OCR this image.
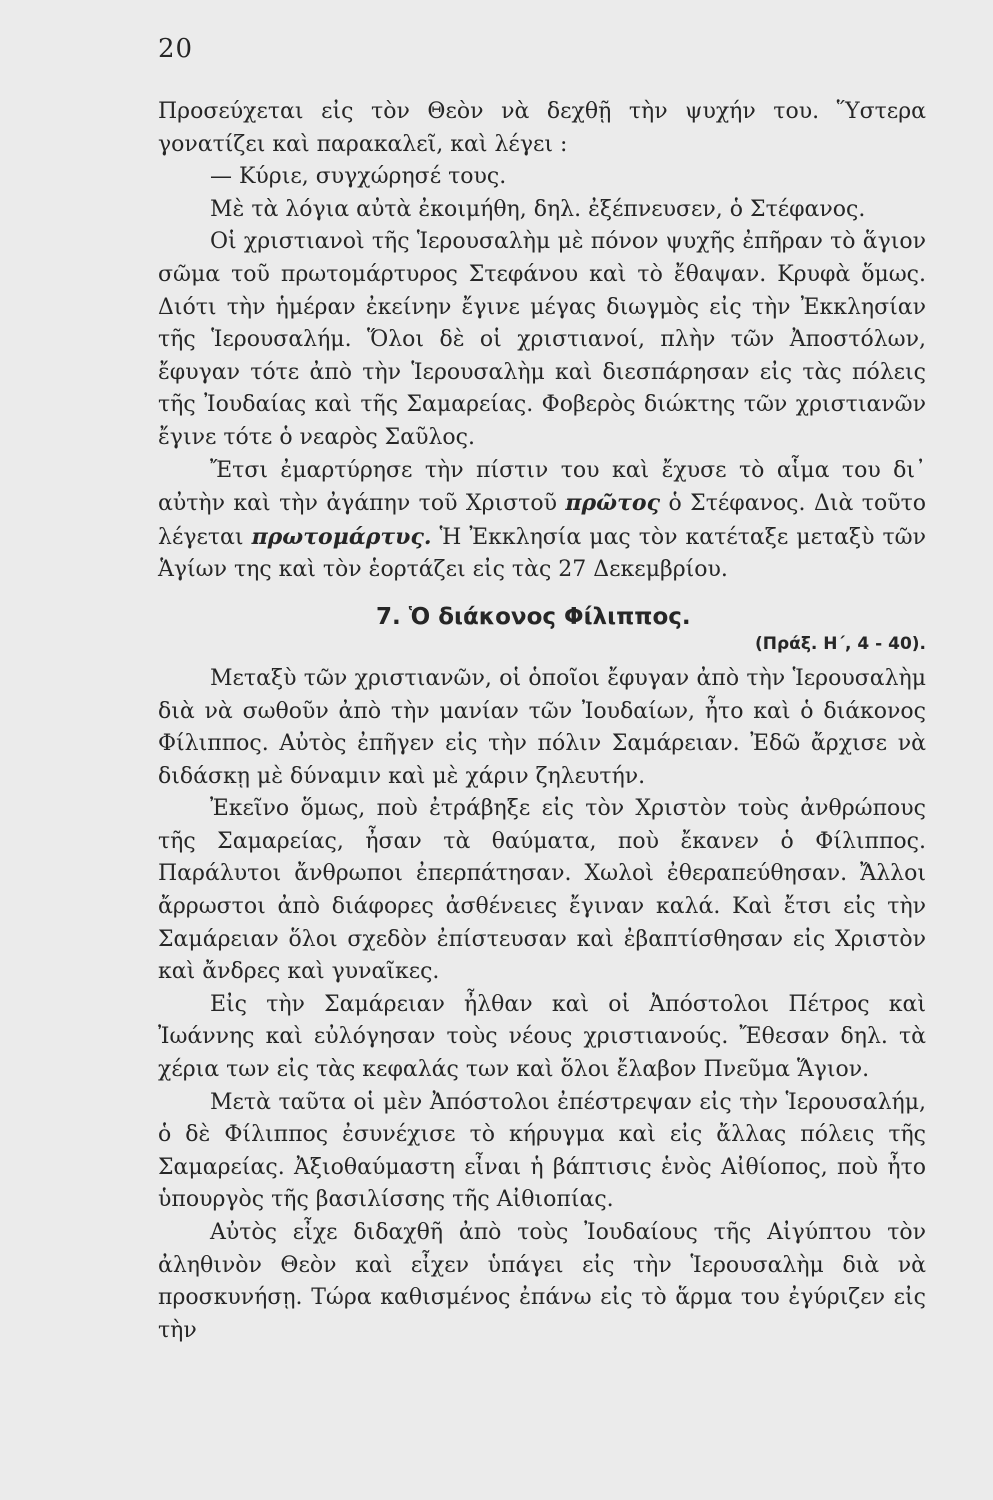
20

Προσεύχεται εἰς τὸν Θεὸν νὰ δεχθῇ τὴν ψυχήν του. Ὕστερα γονατίζει καὶ παρακαλεῖ, καὶ λέγει :

— Κύριε, συγχώρησέ τους.

Μὲ τὰ λόγια αὐτὰ ἐκοιμήθη, δηλ. ἐξέπνευσεν, ὁ Στέφανος.

Οἱ χριστιανοὶ τῆς Ἱερουσαλὴμ μὲ πόνον ψυχῆς ἐπῆραν τὸ ἅγιον σῶμα τοῦ πρωτομάρτυρος Στεφάνου καὶ τὸ ἔθαψαν. Κρυφὰ ὅμως. Διότι τὴν ἡμέραν ἐκείνην ἔγινε μέγας διωγμὸς εἰς τὴν Ἐκκλησίαν τῆς Ἱερουσαλήμ. Ὅλοι δὲ οἱ χριστιανοί, πλὴν τῶν Ἀποστόλων, ἔφυγαν τότε ἀπὸ τὴν Ἱερουσαλὴμ καὶ διεσπάρησαν εἰς τὰς πόλεις τῆς Ἰουδαίας καὶ τῆς Σαμαρείας. Φοβερὸς διώκτης τῶν χριστιανῶν ἔγινε τότε ὁ νεαρὸς Σαῦλος.

Ἔτσι ἐμαρτύρησε τὴν πίστιν του καὶ ἔχυσε τὸ αἷμα του δι᾿ αὐτὴν καὶ τὴν ἀγάπην τοῦ Χριστοῦ πρῶτος ὁ Στέφανος. Διὰ τοῦτο λέγεται πρωτομάρτυς. Ἡ Ἐκκλησία μας τὸν κατέταξε μεταξὺ τῶν Ἁγίων της καὶ τὸν ἑορτάζει εἰς τὰς 27 Δεκεμβρίου.

7. Ὁ διάκονος Φίλιππος.
(Πράξ. Η΄, 4 - 40).

Μεταξὺ τῶν χριστιανῶν, οἱ ὁποῖοι ἔφυγαν ἀπὸ τὴν Ἱερουσαλὴμ διὰ νὰ σωθοῦν ἀπὸ τὴν μανίαν τῶν Ἰουδαίων, ἦτο καὶ ὁ διάκονος Φίλιππος. Αὐτὸς ἐπῆγεν εἰς τὴν πόλιν Σαμάρειαν. Ἐδῶ ἄρχισε νὰ διδάσκῃ μὲ δύναμιν καὶ μὲ χάριν ζηλευτήν.

Ἐκεῖνο ὅμως, ποὺ ἐτράβηξε εἰς τὸν Χριστὸν τοὺς ἀνθρώπους τῆς Σαμαρείας, ἦσαν τὰ θαύματα, ποὺ ἔκανεν ὁ Φίλιππος. Παράλυτοι ἄνθρωποι ἐπερπάτησαν. Χωλοὶ ἐθεραπεύθησαν. Ἄλλοι ἄρρωστοι ἀπὸ διάφορες ἀσθένειες ἔγιναν καλά. Καὶ ἔτσι εἰς τὴν Σαμάρειαν ὅλοι σχεδὸν ἐπίστευσαν καὶ ἐβαπτίσθησαν εἰς Χριστὸν καὶ ἄνδρες καὶ γυναῖκες.

Εἰς τὴν Σαμάρειαν ἦλθαν καὶ οἱ Ἀπόστολοι Πέτρος καὶ Ἰωάννης καὶ εὐλόγησαν τοὺς νέους χριστιανούς. Ἔθεσαν δηλ. τὰ χέρια των εἰς τὰς κεφαλάς των καὶ ὅλοι ἔλαβον Πνεῦμα Ἅγιον.

Μετὰ ταῦτα οἱ μὲν Ἀπόστολοι ἐπέστρεψαν εἰς τὴν Ἱερουσαλήμ, ὁ δὲ Φίλιππος ἐσυνέχισε τὸ κήρυγμα καὶ εἰς ἄλλας πόλεις τῆς Σαμαρείας. Ἀξιοθαύμαστη εἶναι ἡ βάπτισις ἑνὸς Αἰθίοπος, ποὺ ἦτο ὑπουργὸς τῆς βασιλίσσης τῆς Αἰθιοπίας.

Αὐτὸς εἶχε διδαχθῆ ἀπὸ τοὺς Ἰουδαίους τῆς Αἰγύπτου τὸν ἀληθινὸν Θεὸν καὶ εἶχεν ὑπάγει εἰς τὴν Ἱερουσαλὴμ διὰ νὰ προσκυνήσῃ. Τώρα καθισμένος ἐπάνω εἰς τὸ ἅρμα του ἐγύριζεν εἰς τὴν
